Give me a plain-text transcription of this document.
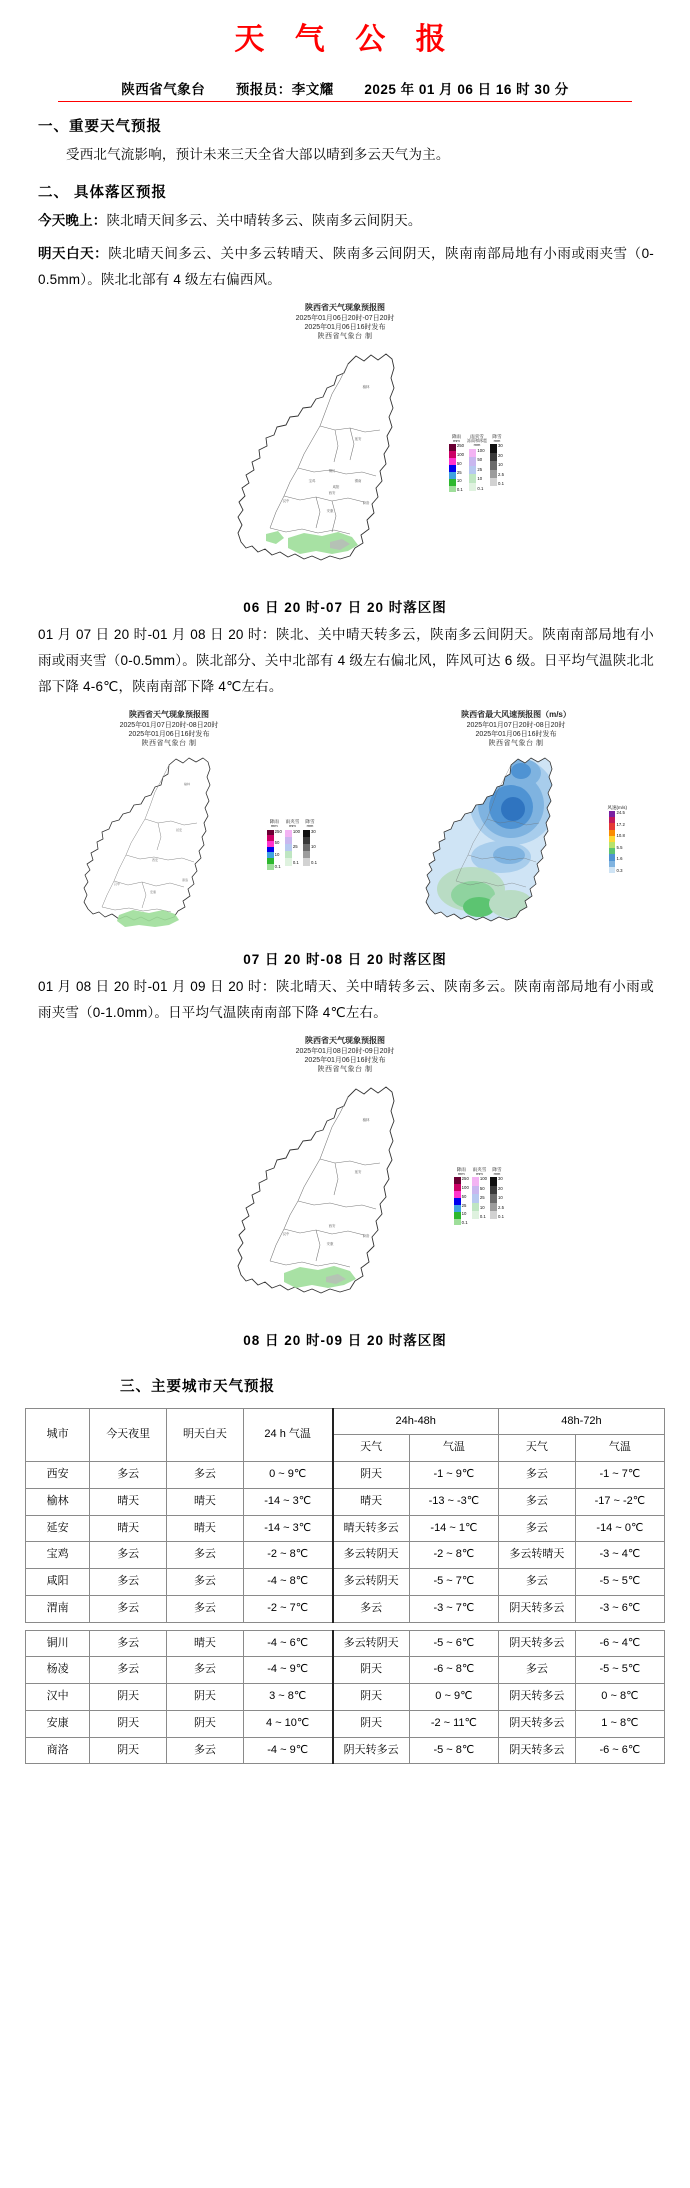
天 气 公 报
陕西省气象台 预报员：李文耀 2025 年 01 月 06 日 16 时 30 分
一、重要天气预报
受西北气流影响，预计未来三天全省大部以晴到多云天气为主。
二、 具体落区预报
今天晚上：陕北晴天间多云、关中晴转多云、陕南多云间阴天。
明天白天：陕北晴天间多云、关中多云转晴天、陕南多云间阴天，陕南南部局地有小雨或雨夹雪（0-0.5mm）。陕北北部有 4 级左右偏西风。
陕西省天气现象预报图
2025年01月06日20时-07日20时
2025年01月06日16时发布
陕西省气象台 制
榆林
延安
铜川
宝鸡
咸阳
渭南
西安
汉中
安康
商洛
降雨
mm
250
100
50
25
10
0.1
雨夹雪
冻雨和冰雹
mm
100
50
25
10
0.1
降雪
mm
30
20
10
2.5
0.1
06 日 20 时-07 日 20 时落区图
01 月 07 日 20 时-01 月 08 日 20 时：陕北、关中晴天转多云，陕南多云间阴天。陕南南部局地有小雨或雨夹雪（0-0.5mm）。陕北部分、关中北部有 4 级左右偏北风，阵风可达 6 级。日平均气温陕北北部下降 4-6℃，陕南南部下降 4℃左右。
陕西省天气现象预报图
2025年01月07日20时-08日20时
2025年01月06日16时发布
陕西省气象台 制
榆林
延安
西安
汉中
安康
商洛
降雨
mm
250
50
10
0.1
雨夹雪
mm
100
25
0.1
降雪
mm
30
10
0.1
陕西省最大风速预报图（m/s）
2025年01月07日20时-08日20时
2025年01月06日16时发布
陕西省气象台 制
风速(m/s)
24.5
17.2
10.8
5.5
1.6
0.3
07 日 20 时-08 日 20 时落区图
01 月 08 日 20 时-01 月 09 日 20 时：陕北晴天、关中晴转多云、陕南多云。陕南南部局地有小雨或雨夹雪（0-1.0mm）。日平均气温陕南南部下降 4℃左右。
陕西省天气现象预报图
2025年01月08日20时-09日20时
2025年01月06日16时发布
陕西省气象台 制
榆林
延安
西安
汉中
安康
商洛
降雨
mm
250
100
50
25
10
0.1
雨夹雪
mm
100
50
25
10
0.1
降雪
mm
30
20
10
2.5
0.1
08 日 20 时-09 日 20 时落区图
三、主要城市天气预报
城市	今天夜里	明天白天	24 h 气温	24h-48h		48h-72h	
				天气	气温	天气	气温
西安	多云	多云	0 ~ 9℃	阴天	-1 ~ 9℃	多云	-1 ~ 7℃
榆林	晴天	晴天	-14 ~ 3℃	晴天	-13 ~ -3℃	多云	-17 ~ -2℃
延安	晴天	晴天	-14 ~ 3℃	晴天转多云	-14 ~ 1℃	多云	-14 ~ 0℃
宝鸡	多云	多云	-2 ~ 8℃	多云转阴天	-2 ~ 8℃	多云转晴天	-3 ~ 4℃
咸阳	多云	多云	-4 ~ 8℃	多云转阴天	-5 ~ 7℃	多云	-5 ~ 5℃
渭南	多云	多云	-2 ~ 7℃	多云	-3 ~ 7℃	阴天转多云	-3 ~ 6℃

铜川	多云	晴天	-4 ~ 6℃	多云转阴天	-5 ~ 6℃	阴天转多云	-6 ~ 4℃
杨凌	多云	多云	-4 ~ 9℃	阴天	-6 ~ 8℃	多云	-5 ~ 5℃
汉中	阴天	阴天	3 ~ 8℃	阴天	0 ~ 9℃	阴天转多云	0 ~ 8℃
安康	阴天	阴天	4 ~ 10℃	阴天	-2 ~ 11℃	阴天转多云	1 ~ 8℃
商洛	阴天	多云	-4 ~ 9℃	阴天转多云	-5 ~ 8℃	阴天转多云	-6 ~ 6℃
